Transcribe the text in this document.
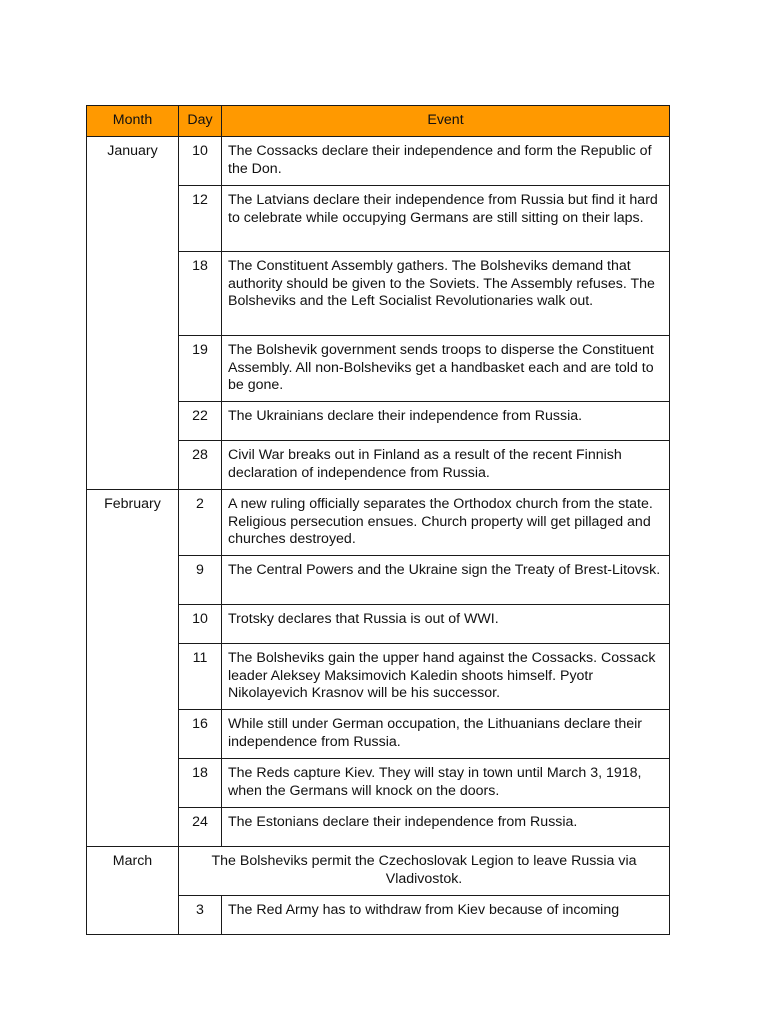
Month	Day	Event
January	10	The Cossacks declare their independence and form the Republic of the Don.
	12	The Latvians declare their independence from Russia but find it hard to celebrate while occupying Germans are still sitting on their laps.
	18	The Constituent Assembly gathers. The Bolsheviks demand that authority should be given to the Soviets. The Assembly refuses. The Bolsheviks and the Left Socialist Revolutionaries walk out.
	19	The Bolshevik government sends troops to disperse the Constituent Assembly. All non-Bolsheviks get a handbasket each and are told to be gone.
	22	The Ukrainians declare their independence from Russia.
	28	Civil War breaks out in Finland as a result of the recent Finnish declaration of independence from Russia.
February	2	A new ruling officially separates the Orthodox church from the state. Religious persecution ensues. Church property will get pillaged and churches destroyed.
	9	The Central Powers and the Ukraine sign the Treaty of Brest-Litovsk.
	10	Trotsky declares that Russia is out of WWI.
	11	The Bolsheviks gain the upper hand against the Cossacks. Cossack leader Aleksey Maksimovich Kaledin shoots himself. Pyotr Nikolayevich Krasnov will be his successor.
	16	While still under German occupation, the Lithuanians declare their independence from Russia.
	18	The Reds capture Kiev. They will stay in town until March 3, 1918, when the Germans will knock on the doors.
	24	The Estonians declare their independence from Russia.
March	The Bolsheviks permit the Czechoslovak Legion to leave Russia via Vladivostok.	
	3	The Red Army has to withdraw from Kiev because of incoming
